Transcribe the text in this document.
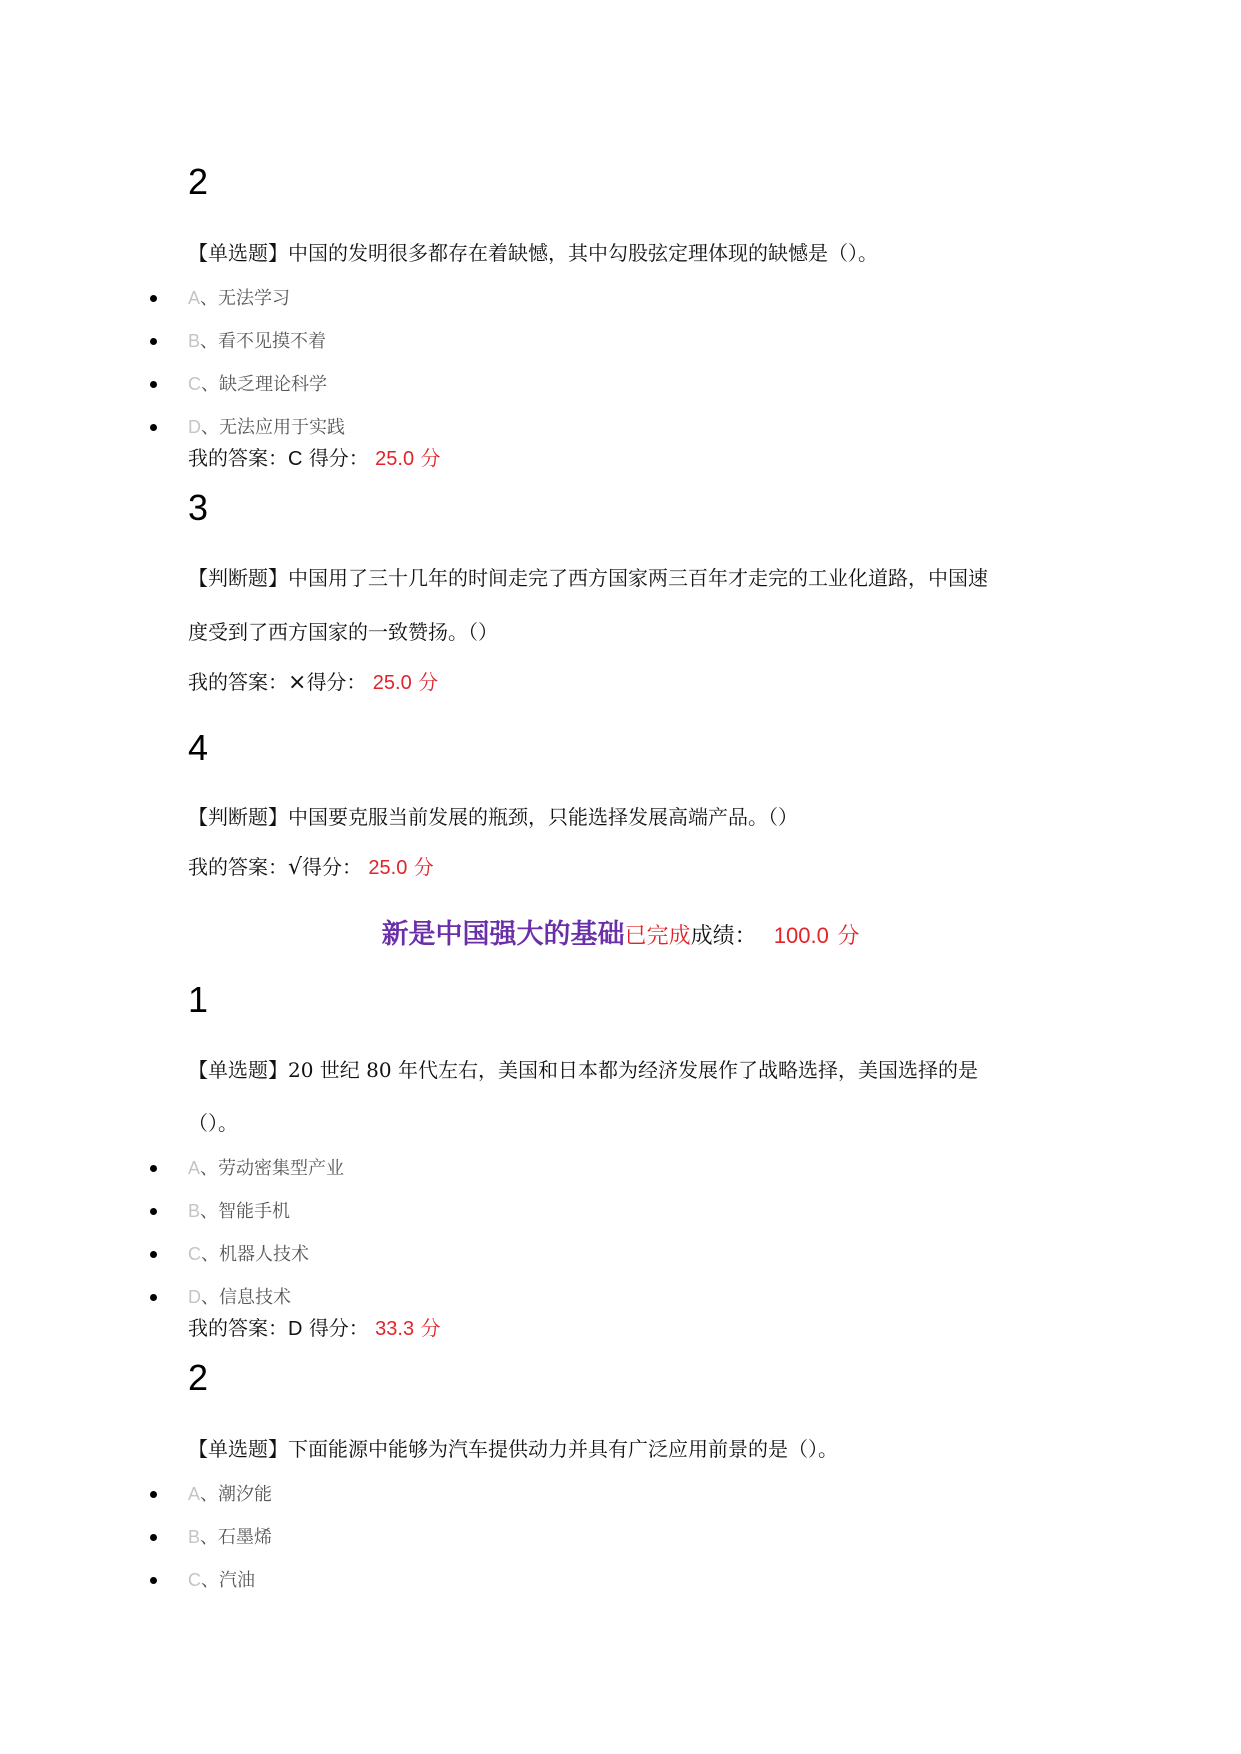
2
【单选题】中国的发明很多都存在着缺憾，其中勾股弦定理体现的缺憾是（）。
A、无法学习
B、看不见摸不着
C、缺乏理论科学
D、无法应用于实践
我的答案：C 得分： 25.0 分
3
【判断题】中国用了三十几年的时间走完了西方国家两三百年才走完的工业化道路，中国速
度受到了西方国家的一致赞扬。（）
我的答案：×得分： 25.0 分
4
【判断题】中国要克服当前发展的瓶颈，只能选择发展高端产品。（）
我的答案：√得分： 25.0 分
新是中国强大的基础已完成成绩： 100.0 分
1
【单选题】20 世纪 80 年代左右，美国和日本都为经济发展作了战略选择，美国选择的是
（）。
A、劳动密集型产业
B、智能手机
C、机器人技术
D、信息技术
我的答案：D 得分： 33.3 分
2
【单选题】下面能源中能够为汽车提供动力并具有广泛应用前景的是（）。
A、潮汐能
B、石墨烯
C、汽油
